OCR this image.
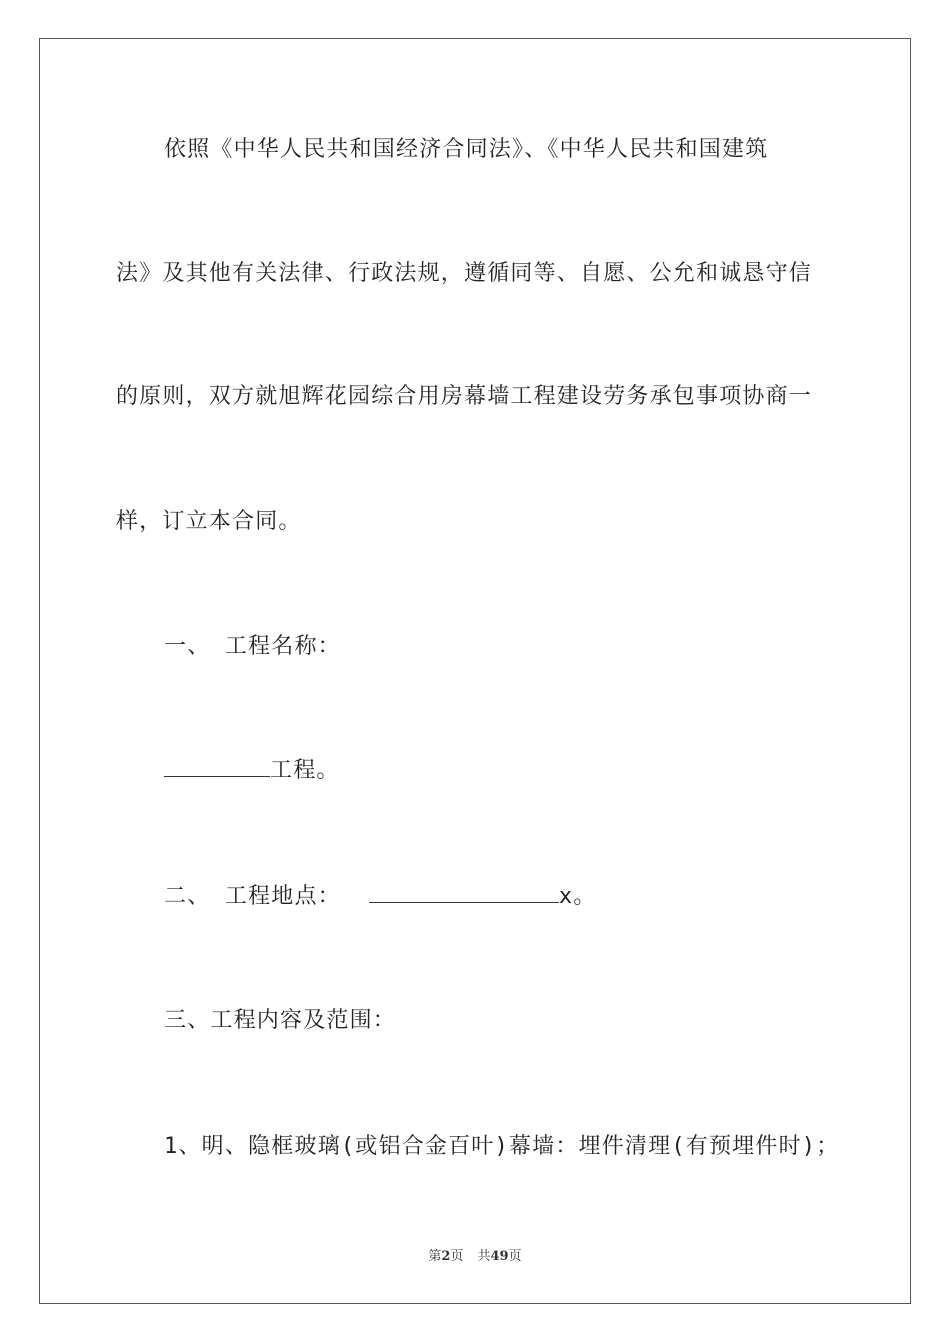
依照《中华人民共和国经济合同法》、《中华人民共和国建筑
法》及其他有关法律、行政法规，遵循同等、自愿、公允和诚恳守信
的原则，双方就旭辉花园综合用房幕墙工程建设劳务承包事项协商一
样，订立本合同。
一、 工程名称：
工程。
二、 工程地点：	x。
三、工程内容及范围：
1、明、隐框玻璃(或铝合金百叶)幕墙：埋件清理(有预埋件时)；
第2页 共49页
